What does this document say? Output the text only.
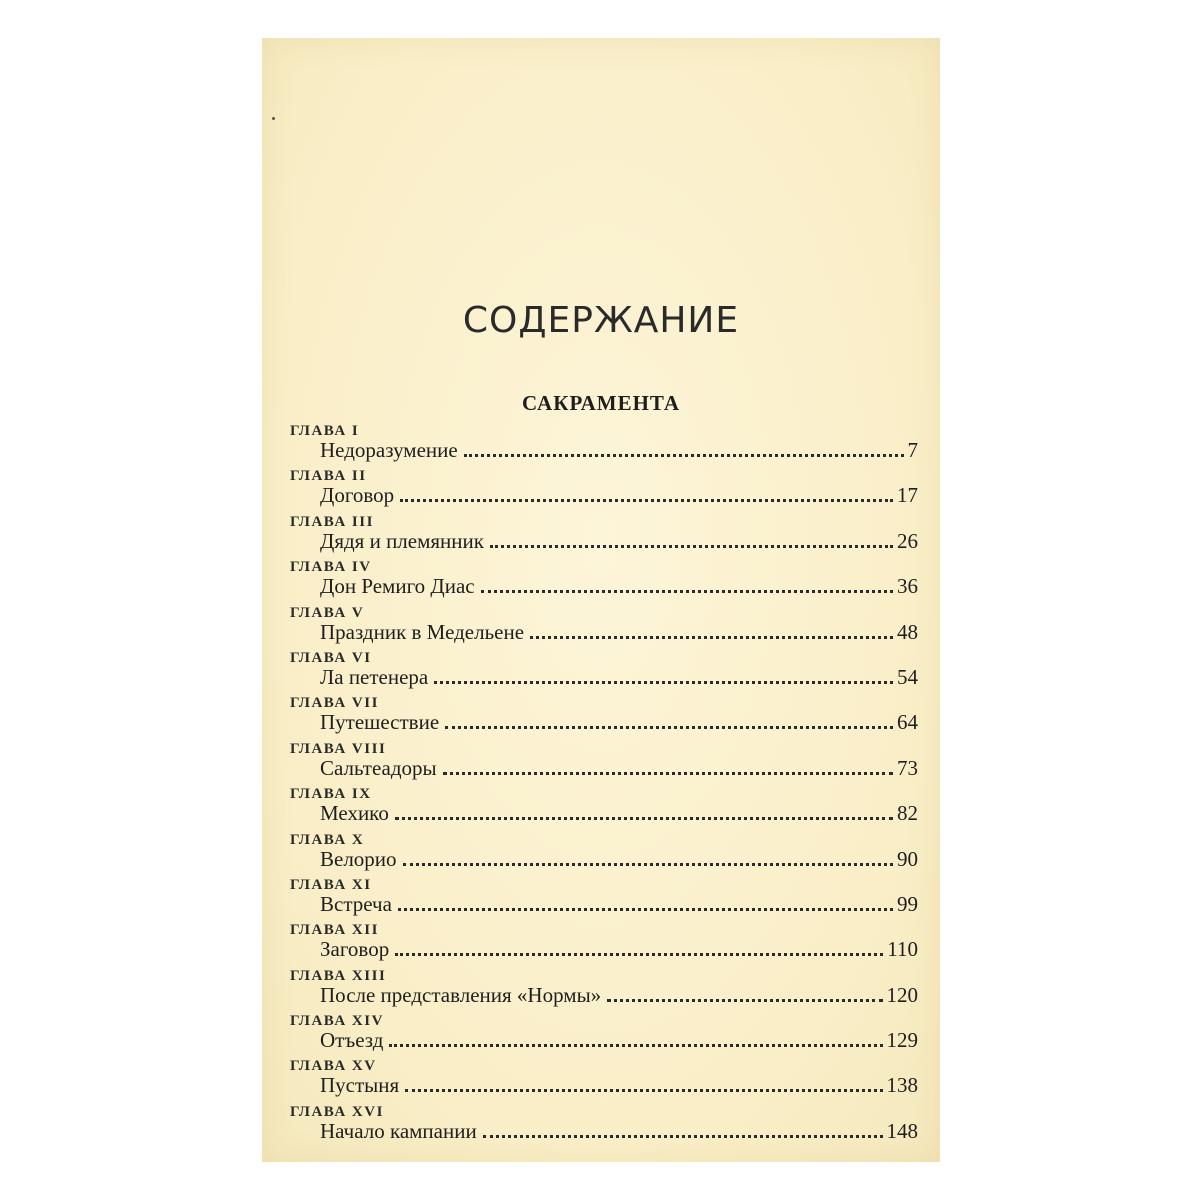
СОДЕРЖАНИЕ
САКРАМЕНТА
ГЛАВА I
Недоразумение	7
ГЛАВА II
Договор	17
ГЛАВА III
Дядя и племянник	26
ГЛАВА IV
Дон Ремиго Диас	36
ГЛАВА V
Праздник в Медельене	48
ГЛАВА VI
Ла петенера	54
ГЛАВА VII
Путешествие	64
ГЛАВА VIII
Сальтеадоры	73
ГЛАВА IX
Мехико	82
ГЛАВА X
Велорио	90
ГЛАВА XI
Встреча	99
ГЛАВА XII
Заговор	110
ГЛАВА XIII
После представления «Нормы»	120
ГЛАВА XIV
Отъезд	129
ГЛАВА XV
Пустыня	138
ГЛАВА XVI
Начало кампании	148
